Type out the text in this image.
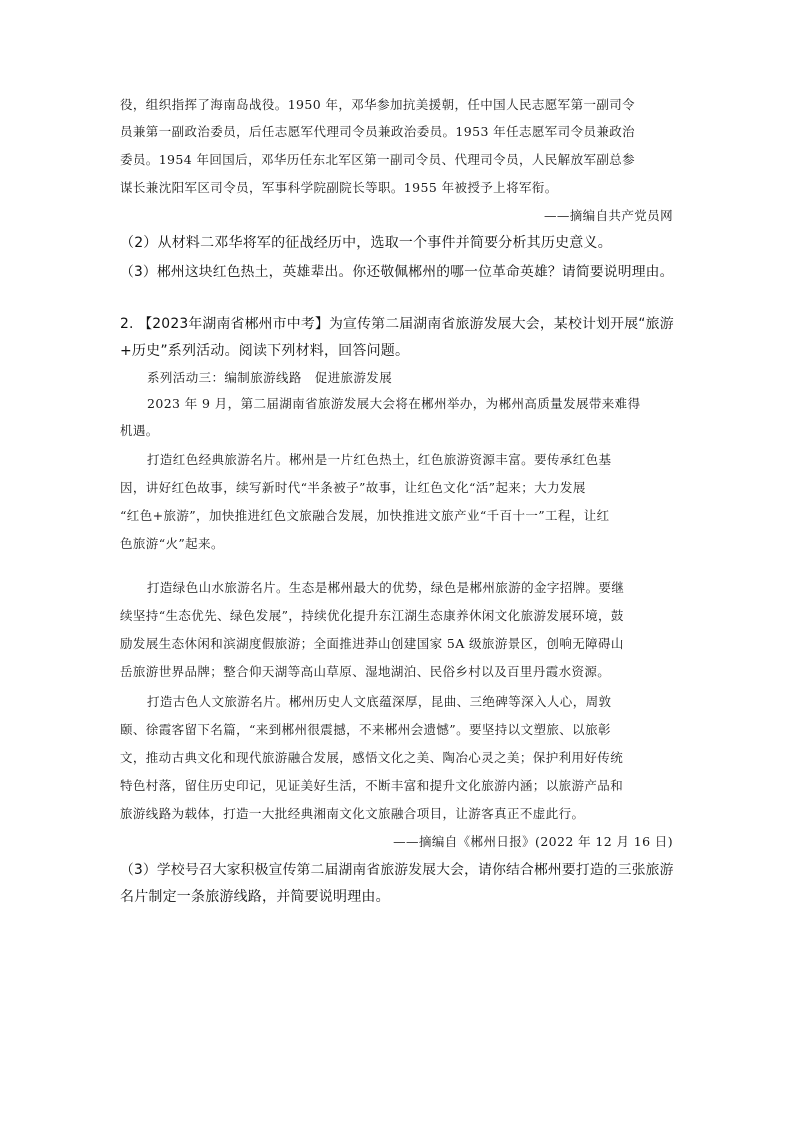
役，组织指挥了海南岛战役。1950 年，邓华参加抗美援朝，任中国人民志愿军第一副司令
员兼第一副政治委员，后任志愿军代理司令员兼政治委员。1953 年任志愿军司令员兼政治
委员。1954 年回国后，邓华历任东北军区第一副司令员、代理司令员，人民解放军副总参
谋长兼沈阳军区司令员，军事科学院副院长等职。1955 年被授予上将军衔。
——摘编自共产党员网
（2）从材料二邓华将军的征战经历中，选取一个事件并简要分析其历史意义。
（3）郴州这块红色热土，英雄辈出。你还敬佩郴州的哪一位革命英雄？请简要说明理由。
2. 【2023年湖南省郴州市中考】为宣传第二届湖南省旅游发展大会，某校计划开展“旅游
+历史”系列活动。阅读下列材料，回答问题。
系列活动三：编制旅游线路　促进旅游发展
2023 年 9 月，第二届湖南省旅游发展大会将在郴州举办，为郴州高质量发展带来难得
机遇。
打造红色经典旅游名片。郴州是一片红色热土，红色旅游资源丰富。要传承红色基
因，讲好红色故事，续写新时代“半条被子”故事，让红色文化“活”起来；大力发展
“红色+旅游”，加快推进红色文旅融合发展，加快推进文旅产业“千百十一”工程，让红
色旅游“火”起来。
打造绿色山水旅游名片。生态是郴州最大的优势，绿色是郴州旅游的金字招牌。要继
续坚持“生态优先、绿色发展”，持续优化提升东江湖生态康养休闲文化旅游发展环境，鼓
励发展生态休闲和滨湖度假旅游；全面推进莽山创建国家 5A 级旅游景区，创响无障碍山
岳旅游世界品牌；整合仰天湖等高山草原、湿地湖泊、民俗乡村以及百里丹霞水资源。
打造古色人文旅游名片。郴州历史人文底蕴深厚，昆曲、三绝碑等深入人心，周敦
颐、徐霞客留下名篇，“来到郴州很震撼，不来郴州会遗憾”。要坚持以文塑旅、以旅彰
文，推动古典文化和现代旅游融合发展，感悟文化之美、陶冶心灵之美；保护利用好传统
特色村落，留住历史印记，见证美好生活，不断丰富和提升文化旅游内涵；以旅游产品和
旅游线路为载体，打造一大批经典湘南文化文旅融合项目，让游客真正不虚此行。
——摘编自《郴州日报》(2022 年 12 月 16 日)
（3）学校号召大家积极宣传第二届湖南省旅游发展大会，请你结合郴州要打造的三张旅游
名片制定一条旅游线路，并简要说明理由。
